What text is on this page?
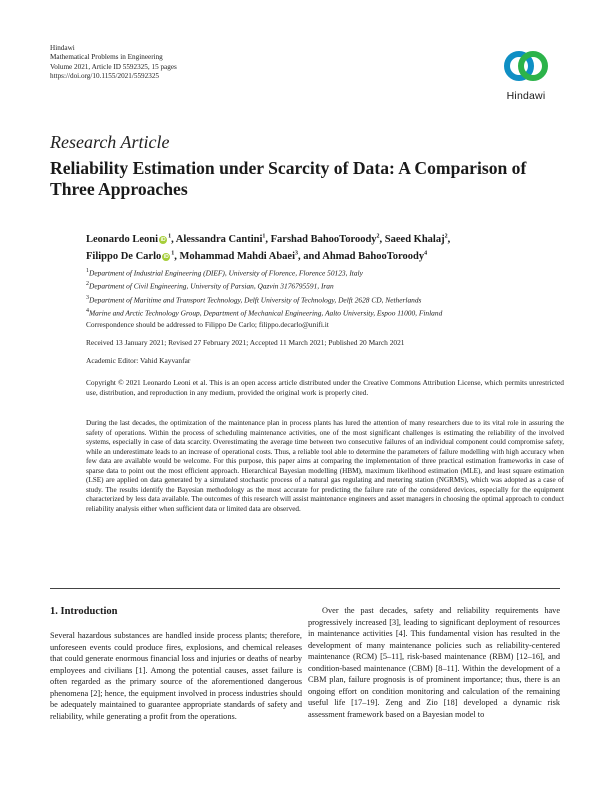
Hindawi
Mathematical Problems in Engineering
Volume 2021, Article ID 5592325, 15 pages
https://doi.org/10.1155/2021/5592325
Hindawi
Research Article
Reliability Estimation under Scarcity of Data: A Comparison of Three Approaches
Leonardo Leoni $iD^1$, Alessandra Cantini$^1$, Farshad BahooToroody$^2$, Saeed Khalaj$^2$,
Filippo De Carlo $iD^1$, Mohammad Mahdi Abaei$^3$, and Ahmad BahooToroody$^4$
$^1$Department of Industrial Engineering (DIEF), University of Florence, Florence 50123, Italy
$^2$Department of Civil Engineering, University of Parsian, Qazvin 3176795591, Iran
$^3$Department of Maritime and Transport Technology, Delft University of Technology, Delft 2628 CD, Netherlands
$^4$Marine and Arctic Technology Group, Department of Mechanical Engineering, Aalto University, Espoo 11000, Finland
Correspondence should be addressed to Filippo De Carlo; filippo.decarlo@unifi.it
Received 13 January 2021; Revised 27 February 2021; Accepted 11 March 2021; Published 20 March 2021
Academic Editor: Vahid Kayvanfar
Copyright © 2021 Leonardo Leoni et al. This is an open access article distributed under the Creative Commons Attribution License, which permits unrestricted use, distribution, and reproduction in any medium, provided the original work is properly cited.
During the last decades, the optimization of the maintenance plan in process plants has lured the attention of many researchers due to its vital role in assuring the safety of operations. Within the process of scheduling maintenance activities, one of the most significant challenges is estimating the reliability of the involved systems, especially in case of data scarcity. Overestimating the average time between two consecutive failures of an individual component could compromise safety, while an underestimate leads to an increase of operational costs. Thus, a reliable tool able to determine the parameters of failure modelling with high accuracy when few data are available would be welcome. For this purpose, this paper aims at comparing the implementation of three practical estimation frameworks in case of sparse data to point out the most efficient approach. Hierarchical Bayesian modelling (HBM), maximum likelihood estimation (MLE), and least square estimation (LSE) are applied on data generated by a simulated stochastic process of a natural gas regulating and metering station (NGRMS), which was adopted as a case of study. The results identify the Bayesian methodology as the most accurate for predicting the failure rate of the considered devices, especially for the equipment characterized by less data available. The outcomes of this research will assist maintenance engineers and asset managers in choosing the optimal approach to conduct reliability analysis either when sufficient data or limited data are observed.
1. Introduction
Several hazardous substances are handled inside process plants; therefore, unforeseen events could produce fires, explosions, and chemical releases that could generate enormous financial loss and injuries or deaths of nearby employees and civilians [1]. Among the potential causes, asset failure is often regarded as the primary source of the aforementioned dangerous phenomena [2]; hence, the equipment involved in process industries should be adequately maintained to guarantee appropriate standards of safety and reliability, while generating a profit from the operations.
Over the past decades, safety and reliability requirements have progressively increased [3], leading to significant deployment of resources in maintenance activities [4]. This fundamental vision has resulted in the development of many maintenance policies such as reliability-centered maintenance (RCM) [5–11], risk-based maintenance (RBM) [12–16], and condition-based maintenance (CBM) [8–11]. Within the development of a CBM plan, failure prognosis is of prominent importance; thus, there is an ongoing effort on condition monitoring and calculation of the remaining useful life [17–19]. Zeng and Zio [18] developed a dynamic risk assessment framework based on a Bayesian model to
